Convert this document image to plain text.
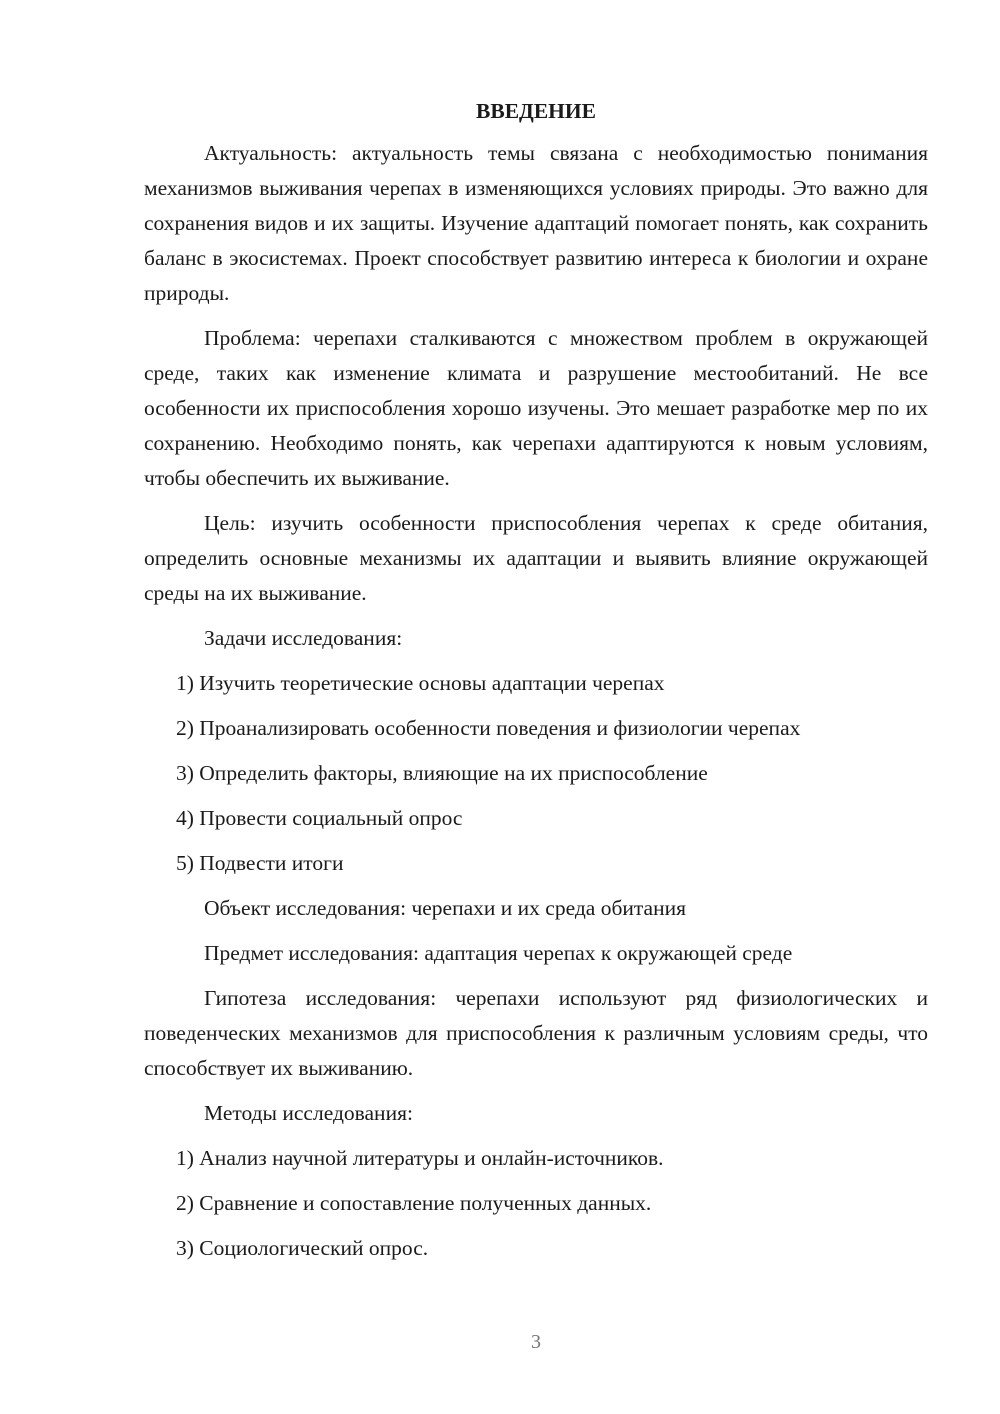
ВВЕДЕНИЕ

Актуальность: актуальность темы связана с необходимостью понимания механизмов выживания черепах в изменяющихся условиях природы. Это важно для сохранения видов и их защиты. Изучение адаптаций помогает понять, как сохранить баланс в экосистемах. Проект способствует развитию интереса к биологии и охране природы.

Проблема: черепахи сталкиваются с множеством проблем в окружающей среде, таких как изменение климата и разрушение местообитаний. Не все особенности их приспособления хорошо изучены. Это мешает разработке мер по их сохранению. Необходимо понять, как черепахи адаптируются к новым условиям, чтобы обеспечить их выживание.

Цель: изучить особенности приспособления черепах к среде обитания, определить основные механизмы их адаптации и выявить влияние окружающей среды на их выживание.

Задачи исследования:

1) Изучить теоретические основы адаптации черепах

2) Проанализировать особенности поведения и физиологии черепах

3) Определить факторы, влияющие на их приспособление

4) Провести социальный опрос

5) Подвести итоги

Объект исследования: черепахи и их среда обитания

Предмет исследования: адаптация черепах к окружающей среде

Гипотеза исследования: черепахи используют ряд физиологических и поведенческих механизмов для приспособления к различным условиям среды, что способствует их выживанию.

Методы исследования:

1) Анализ научной литературы и онлайн-источников.

2) Сравнение и сопоставление полученных данных.

3) Социологический опрос.

3
